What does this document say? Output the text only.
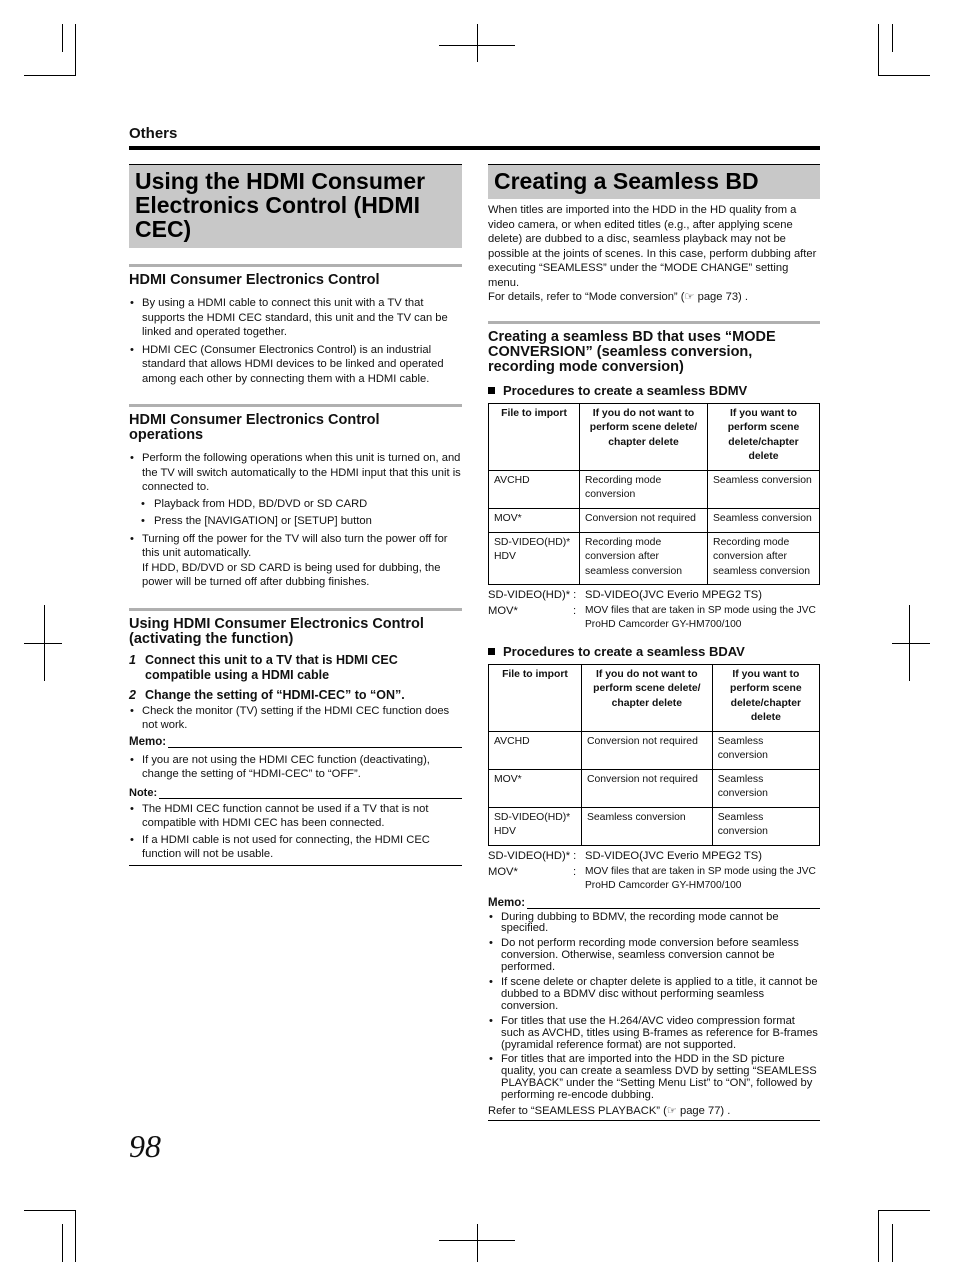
Others
Using the HDMI Consumer Electronics Control (HDMI CEC)
HDMI Consumer Electronics Control
• By using a HDMI cable to connect this unit with a TV that supports the HDMI CEC standard, this unit and the TV can be linked and operated together.
• HDMI CEC (Consumer Electronics Control) is an industrial standard that allows HDMI devices to be linked and operated among each other by connecting them with a HDMI cable.
HDMI Consumer Electronics Control operations
• Perform the following operations when this unit is turned on, and the TV will switch automatically to the HDMI input that this unit is connected to.
• Playback from HDD, BD/DVD or SD CARD
• Press the [NAVIGATION] or [SETUP] button
• Turning off the power for the TV will also turn the power off for this unit automatically.
If HDD, BD/DVD or SD CARD is being used for dubbing, the power will be turned off after dubbing finishes.
Using HDMI Consumer Electronics Control (activating the function)
1 Connect this unit to a TV that is HDMI CEC compatible using a HDMI cable
2 Change the setting of “HDMI-CEC” to “ON”.
• Check the monitor (TV) setting if the HDMI CEC function does not work.
Memo:
• If you are not using the HDMI CEC function (deactivating), change the setting of “HDMI-CEC” to “OFF”.
Note:
• The HDMI CEC function cannot be used if a TV that is not compatible with HDMI CEC has been connected.
• If a HDMI cable is not used for connecting, the HDMI CEC function will not be usable.
Creating a Seamless BD
When titles are imported into the HDD in the HD quality from a video camera, or when edited titles (e.g., after applying scene delete) are dubbed to a disc, seamless playback may not be possible at the joints of scenes. In this case, perform dubbing after executing “SEAMLESS” under the “MODE CHANGE” setting menu.
For details, refer to “Mode conversion” (☞ page 73) .
Creating a seamless BD that uses “MODE CONVERSION” (seamless conversion, recording mode conversion)
Procedures to create a seamless BDMV
File to import	If you do not want to perform scene delete/ chapter delete	If you want to perform scene delete/chapter delete
AVCHD	Recording mode conversion	Seamless conversion
MOV*	Conversion not required	Seamless conversion
SD-VIDEO(HD)* HDV	Recording mode conversion after seamless conversion	Recording mode conversion after seamless conversion
SD-VIDEO(HD)* : SD-VIDEO(JVC Everio MPEG2 TS)
MOV*	: MOV files that are taken in SP mode using the JVC ProHD Camcorder GY-HM700/100
Procedures to create a seamless BDAV
File to import	If you do not want to perform scene delete/ chapter delete	If you want to perform scene delete/chapter delete
AVCHD	Conversion not required	Seamless conversion
MOV*	Conversion not required	Seamless conversion
SD-VIDEO(HD)* HDV	Seamless conversion	Seamless conversion
SD-VIDEO(HD)* : SD-VIDEO(JVC Everio MPEG2 TS)
MOV*	: MOV files that are taken in SP mode using the JVC ProHD Camcorder GY-HM700/100
Memo:
• During dubbing to BDMV, the recording mode cannot be specified.
• Do not perform recording mode conversion before seamless conversion. Otherwise, seamless conversion cannot be performed.
• If scene delete or chapter delete is applied to a title, it cannot be dubbed to a BDMV disc without performing seamless conversion.
• For titles that use the H.264/AVC video compression format such as AVCHD, titles using B-frames as reference for B-frames (pyramidal reference format) are not supported.
• For titles that are imported into the HDD in the SD picture quality, you can create a seamless DVD by setting “SEAMLESS PLAYBACK” under the “Setting Menu List” to “ON”, followed by performing re-encode dubbing.
Refer to “SEAMLESS PLAYBACK” (☞ page 77) .
98
